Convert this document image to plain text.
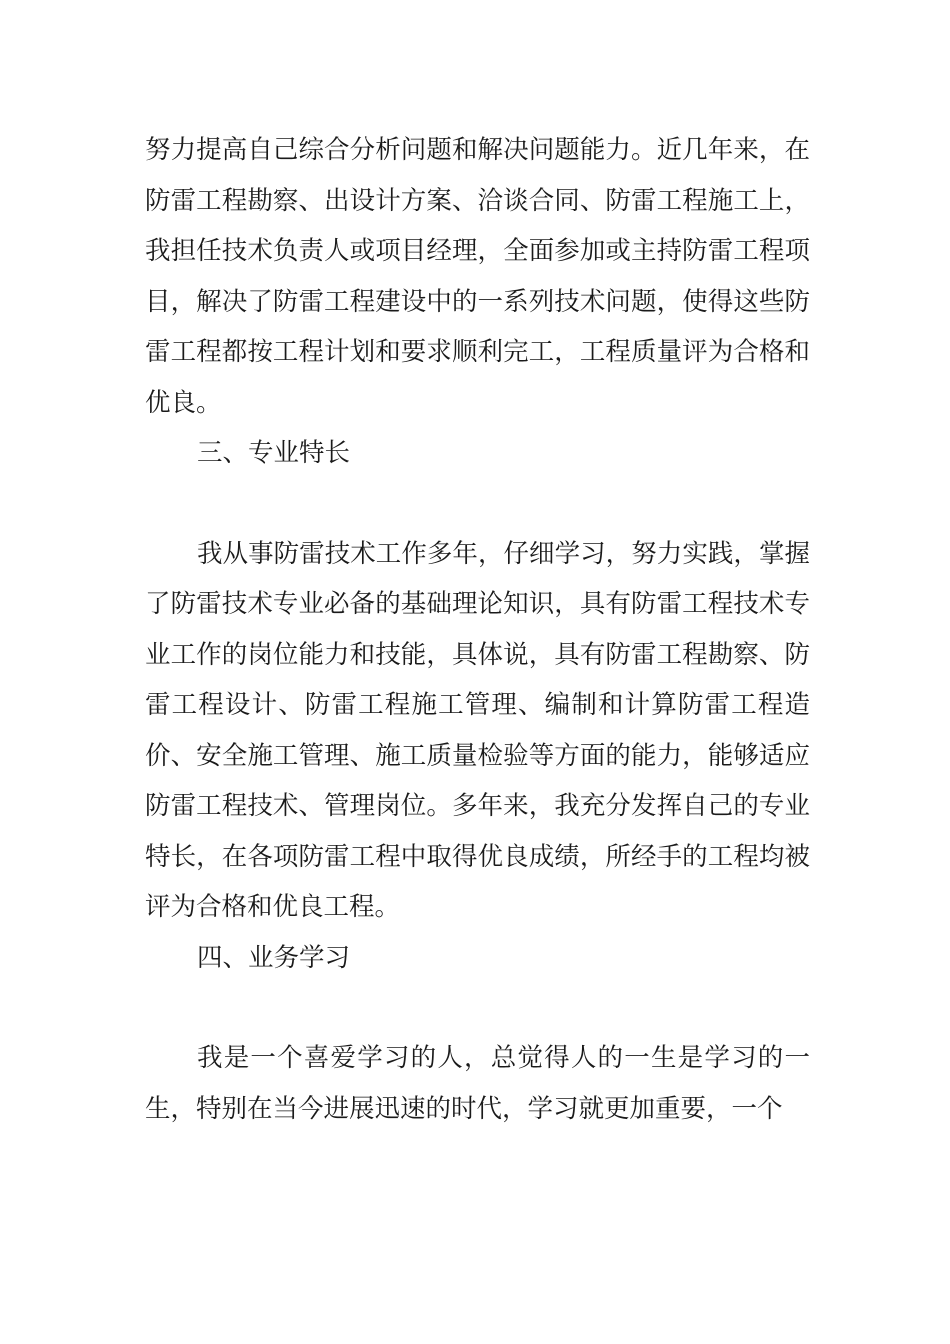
努力提高自己综合分析问题和解决问题能力。近几年来，在防雷工程勘察、出设计方案、洽谈合同、防雷工程施工上，我担任技术负责人或项目经理，全面参加或主持防雷工程项目，解决了防雷工程建设中的一系列技术问题，使得这些防雷工程都按工程计划和要求顺利完工，工程质量评为合格和优良。

三、专业特长

我从事防雷技术工作多年，仔细学习，努力实践，掌握了防雷技术专业必备的基础理论知识，具有防雷工程技术专业工作的岗位能力和技能，具体说，具有防雷工程勘察、防雷工程设计、防雷工程施工管理、编制和计算防雷工程造价、安全施工管理、施工质量检验等方面的能力，能够适应防雷工程技术、管理岗位。多年来，我充分发挥自己的专业特长，在各项防雷工程中取得优良成绩，所经手的工程均被评为合格和优良工程。

四、业务学习

我是一个喜爱学习的人，总觉得人的一生是学习的一生，特别在当今进展迅速的时代，学习就更加重要，一个
